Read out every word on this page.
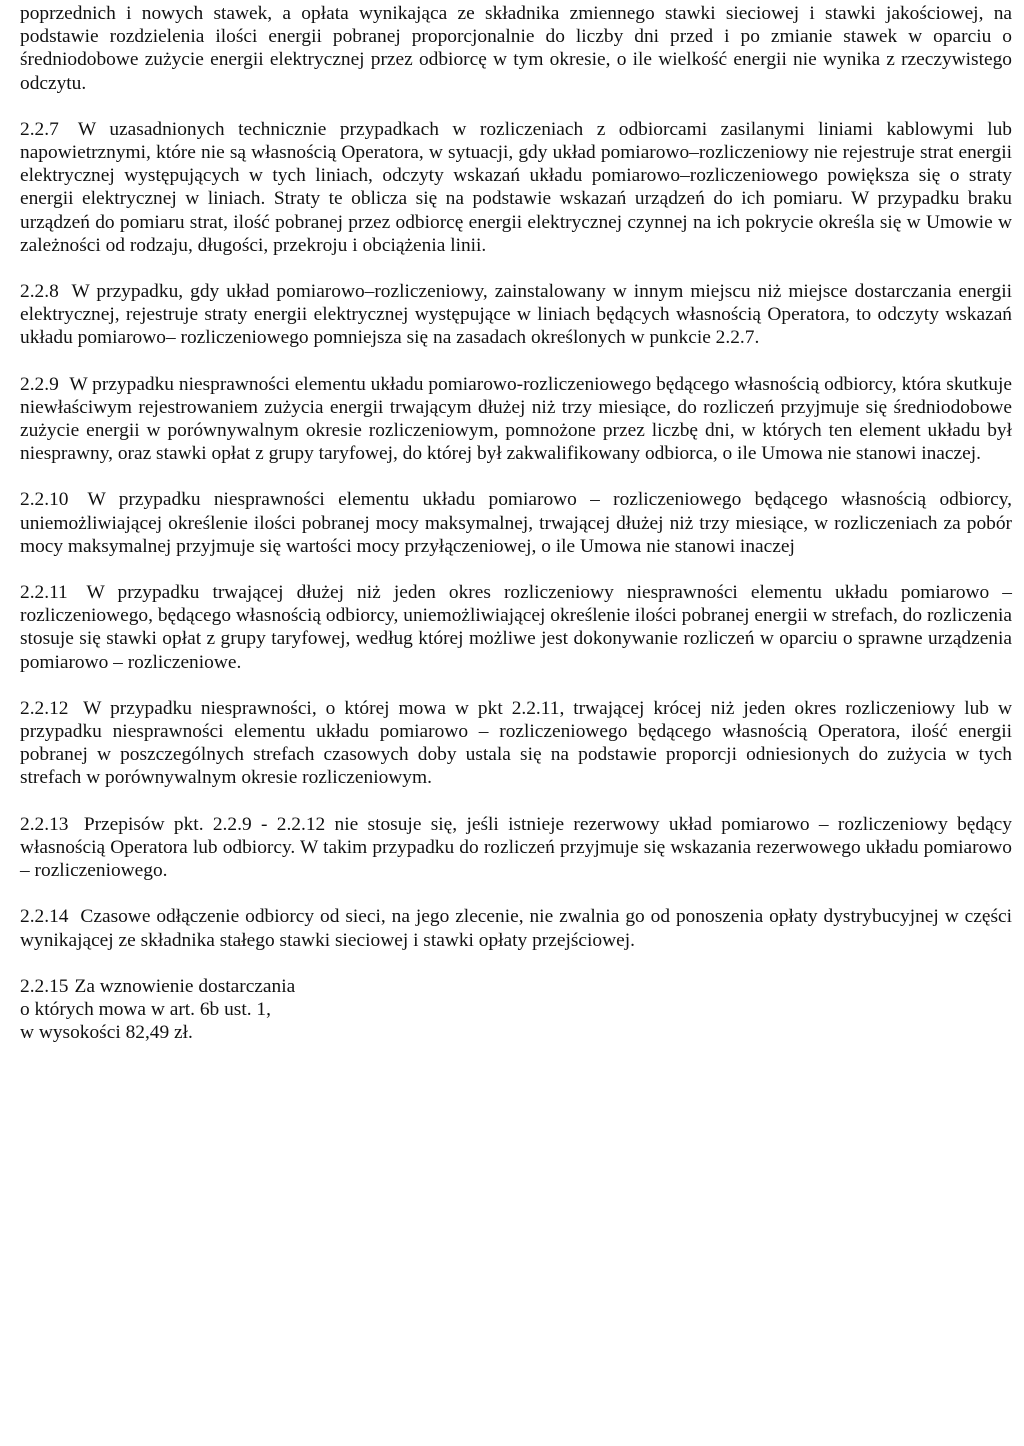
poprzednich i nowych stawek, a opłata wynikająca ze składnika zmiennego stawki sieciowej i stawki jakościowej, na podstawie rozdzielenia ilości energii pobranej proporcjonalnie do liczby dni przed i po zmianie stawek w oparciu o średniodobowe zużycie energii elektrycznej przez odbiorcę w tym okresie, o ile wielkość energii nie wynika z rzeczywistego odczytu.

2.2.7 W uzasadnionych technicznie przypadkach w rozliczeniach z odbiorcami zasilanymi liniami kablowymi lub napowietrznymi, które nie są własnością Operatora, w sytuacji, gdy układ pomiarowo–rozliczeniowy nie rejestruje strat energii elektrycznej występujących w tych liniach, odczyty wskazań układu pomiarowo–rozliczeniowego powiększa się o straty energii elektrycznej w liniach. Straty te oblicza się na podstawie wskazań urządzeń do ich pomiaru. W przypadku braku urządzeń do pomiaru strat, ilość pobranej przez odbiorcę energii elektrycznej czynnej na ich pokrycie określa się w Umowie w zależności od rodzaju, długości, przekroju i obciążenia linii.

2.2.8 W przypadku, gdy układ pomiarowo–rozliczeniowy, zainstalowany w innym miejscu niż miejsce dostarczania energii elektrycznej, rejestruje straty energii elektrycznej występujące w liniach będących własnością Operatora, to odczyty wskazań układu pomiarowo– rozliczeniowego pomniejsza się na zasadach określonych w punkcie 2.2.7.

2.2.9 W przypadku niesprawności elementu układu pomiarowo-rozliczeniowego będącego własnością odbiorcy, która skutkuje niewłaściwym rejestrowaniem zużycia energii trwającym dłużej niż trzy miesiące, do rozliczeń przyjmuje się średniodobowe zużycie energii w porównywalnym okresie rozliczeniowym, pomnożone przez liczbę dni, w których ten element układu był niesprawny, oraz stawki opłat z grupy taryfowej, do której był zakwalifikowany odbiorca, o ile Umowa nie stanowi inaczej.

2.2.10 W przypadku niesprawności elementu układu pomiarowo – rozliczeniowego będącego własnością odbiorcy, uniemożliwiającej określenie ilości pobranej mocy maksymalnej, trwającej dłużej niż trzy miesiące, w rozliczeniach za pobór mocy maksymalnej przyjmuje się wartości mocy przyłączeniowej, o ile Umowa nie stanowi inaczej

2.2.11 W przypadku trwającej dłużej niż jeden okres rozliczeniowy niesprawności elementu układu pomiarowo – rozliczeniowego, będącego własnością odbiorcy, uniemożliwiającej określenie ilości pobranej energii w strefach, do rozliczenia stosuje się stawki opłat z grupy taryfowej, według której możliwe jest dokonywanie rozliczeń w oparciu o sprawne urządzenia pomiarowo – rozliczeniowe.

2.2.12 W przypadku niesprawności, o której mowa w pkt 2.2.11, trwającej krócej niż jeden okres rozliczeniowy lub w przypadku niesprawności elementu układu pomiarowo – rozliczeniowego będącego własnością Operatora, ilość energii pobranej w poszczególnych strefach czasowych doby ustala się na podstawie proporcji odniesionych do zużycia w tych strefach w porównywalnym okresie rozliczeniowym.

2.2.13 Przepisów pkt. 2.2.9 - 2.2.12 nie stosuje się, jeśli istnieje rezerwowy układ pomiarowo – rozliczeniowy będący własnością Operatora lub odbiorcy. W takim przypadku do rozliczeń przyjmuje się wskazania rezerwowego układu pomiarowo – rozliczeniowego.

2.2.14 Czasowe odłączenie odbiorcy od sieci, na jego zlecenie, nie zwalnia go od ponoszenia opłaty dystrybucyjnej w części wynikającej ze składnika stałego stawki sieciowej i stawki opłaty przejściowej.

2.2.15 Za wznowienie dostarczania
o których mowa w art. 6b ust. 1,
w wysokości 82,49 zł.
